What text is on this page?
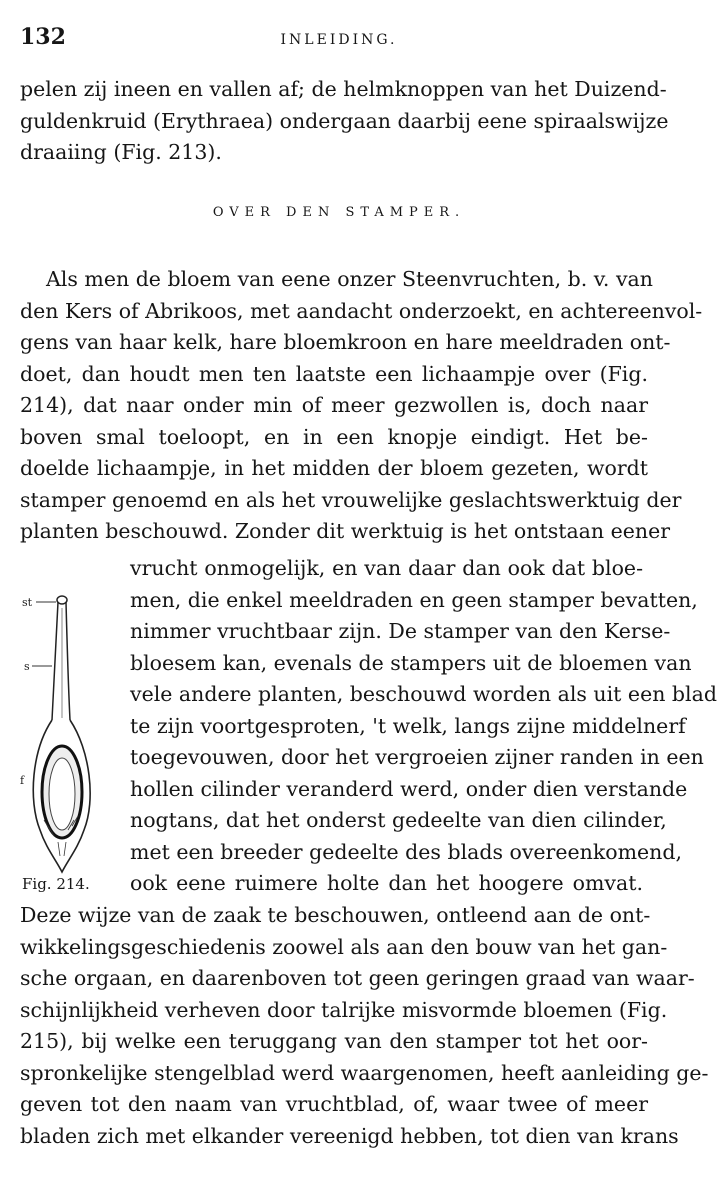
132	INLEIDING.
pelen zij ineen en vallen af; de helmknoppen van het Duizend-
guldenkruid (Erythraea) ondergaan daarbij eene spiraalswijze
draaiing (Fig. 213).
OVER DEN STAMPER.
Als men de bloem van eene onzer Steenvruchten, b. v. van
den Kers of Abrikoos, met aandacht onderzoekt, en achtereenvol-
gens van haar kelk, hare bloemkroon en hare meeldraden ont-
doet, dan houdt men ten laatste een lichaampje over (Fig.
214), dat naar onder min of meer gezwollen is, doch naar
boven smal toeloopt, en in een knopje eindigt. Het be-
doelde lichaampje, in het midden der bloem gezeten, wordt
stamper genoemd en als het vrouwelijke geslachtswerktuig der
planten beschouwd. Zonder dit werktuig is het ontstaan eener
vrucht onmogelijk, en van daar dan ook dat bloe-
men, die enkel meeldraden en geen stamper bevatten,
nimmer vruchtbaar zijn. De stamper van den Kerse-
bloesem kan, evenals de stampers uit de bloemen van
vele andere planten, beschouwd worden als uit een blad
te zijn voortgesproten, 't welk, langs zijne middelnerf
toegevouwen, door het vergroeien zijner randen in een
hollen cilinder veranderd werd, onder dien verstande
nogtans, dat het onderst gedeelte van dien cilinder,
met een breeder gedeelte des blads overeenkomend,
ook eene ruimere holte dan het hoogere omvat.
st
s
f
Fig. 214.
Deze wijze van de zaak te beschouwen, ontleend aan de ont-
wikkelingsgeschiedenis zoowel als aan den bouw van het gan-
sche orgaan, en daarenboven tot geen geringen graad van waar-
schijnlijkheid verheven door talrijke misvormde bloemen (Fig.
215), bij welke een teruggang van den stamper tot het oor-
spronkelijke stengelblad werd waargenomen, heeft aanleiding ge-
geven tot den naam van vruchtblad, of, waar twee of meer
bladen zich met elkander vereenigd hebben, tot dien van krans
